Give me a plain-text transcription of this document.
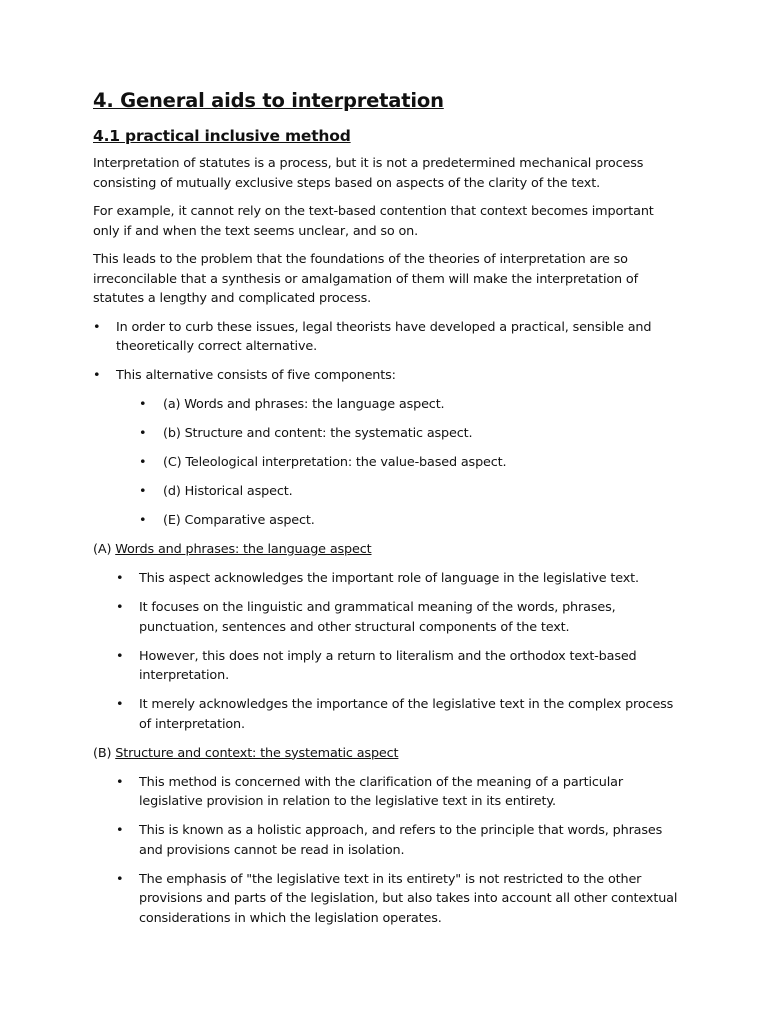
4. General aids to interpretation
4.1 practical inclusive method

Interpretation of statutes is a process, but it is not a predetermined mechanical process consisting of mutually exclusive steps based on aspects of the clarity of the text.

For example, it cannot rely on the text-based contention that context becomes important only if and when the text seems unclear, and so on.

This leads to the problem that the foundations of the theories of interpretation are so irreconcilable that a synthesis or amalgamation of them will make the interpretation of statutes a lengthy and complicated process.

• In order to curb these issues, legal theorists have developed a practical, sensible and theoretically correct alternative.
• This alternative consists of five components:
• (a) Words and phrases: the language aspect.
• (b) Structure and content: the systematic aspect.
• (C) Teleological interpretation: the value-based aspect.
• (d) Historical aspect.
• (E) Comparative aspect.
(A) Words and phrases: the language aspect
• This aspect acknowledges the important role of language in the legislative text.
• It focuses on the linguistic and grammatical meaning of the words, phrases, punctuation, sentences and other structural components of the text.
• However, this does not imply a return to literalism and the orthodox text-based interpretation.
• It merely acknowledges the importance of the legislative text in the complex process of interpretation.
(B) Structure and context: the systematic aspect
• This method is concerned with the clarification of the meaning of a particular legislative provision in relation to the legislative text in its entirety.
• This is known as a holistic approach, and refers to the principle that words, phrases and provisions cannot be read in isolation.
• The emphasis of "the legislative text in its entirety" is not restricted to the other provisions and parts of the legislation, but also takes into account all other contextual considerations in which the legislation operates.
